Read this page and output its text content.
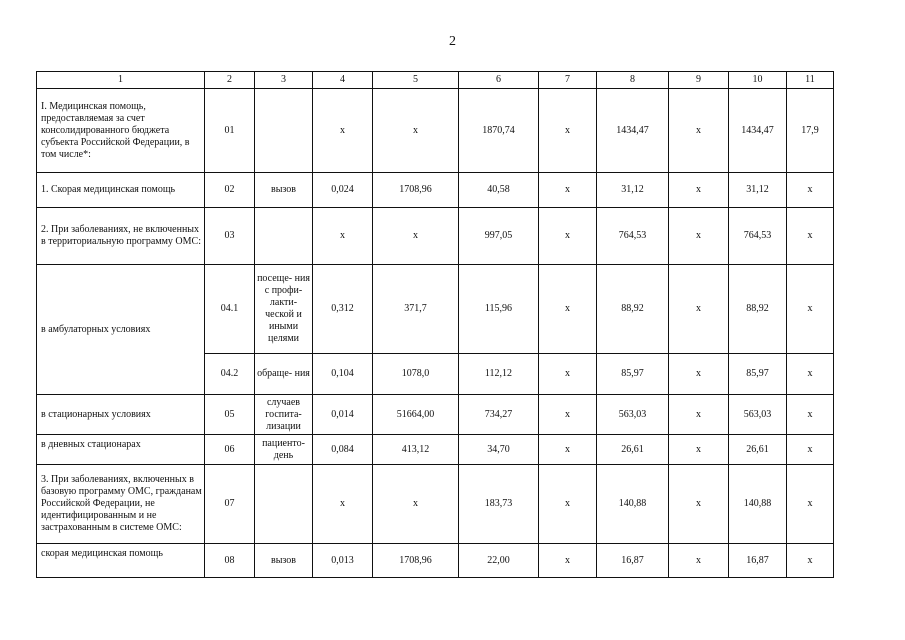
2
1	2	3	4	5	6	7	8	9	10	11
I. Медицинская помощь, предоставляемая за счет консолидированного бюджета субъекта Российской Федерации, в том числе*:	01		x	x	1870,74	x	1434,47	x	1434,47	17,9
1. Скорая медицинская помощь	02	вызов	0,024	1708,96	40,58	x	31,12	x	31,12	x
2. При заболеваниях, не включенных в территориальную программу ОМС:	03		x	x	997,05	x	764,53	x	764,53	x
в амбулаторных условиях	04.1	посеще- ния с профи- лакти- ческой и иными целями	0,312	371,7	115,96	x	88,92	x	88,92	x
	04.2	обраще- ния	0,104	1078,0	112,12	x	85,97	x	85,97	x
в стационарных условиях	05	случаев госпита- лизации	0,014	51664,00	734,27	x	563,03	x	563,03	x
в дневных стационарах	06	пациенто- день	0,084	413,12	34,70	x	26,61	x	26,61	x
3. При заболеваниях, включенных в базовую программу ОМС, гражданам Российской Федерации, не идентифицированным и не застрахованным в системе ОМС:	07		x	x	183,73	x	140,88	x	140,88	x
скорая медицинская помощь	08	вызов	0,013	1708,96	22,00	x	16,87	x	16,87	x
